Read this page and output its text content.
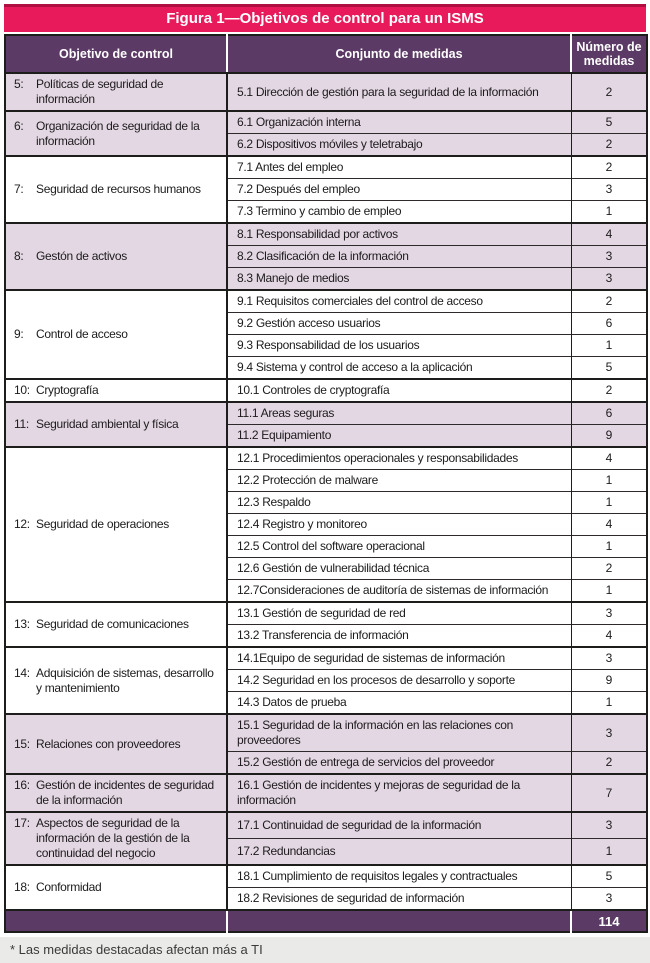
Figura 1—Objetivos de control para un ISMS
Objetivo de control	Conjunto de medidas	Número de medidas
5: Políticas de seguridad de información	5.1 Dirección de gestión para la seguridad de la información	2
6: Organización de seguridad de la información	6.1 Organización interna	5
	6.2 Dispositivos móviles y teletrabajo	2
7: Seguridad de recursos humanos	7.1 Antes del empleo	2
	7.2 Después del empleo	3
	7.3 Termino y cambio de empleo	1
8: Gestón de activos	8.1 Responsabilidad por activos	4
	8.2 Clasificación de la información	3
	8.3 Manejo de medios	3
9: Control de acceso	9.1 Requisitos comerciales del control de acceso	2
	9.2 Gestión acceso usuarios	6
	9.3 Responsabilidad de los usuarios	1
	9.4 Sistema y control de acceso a la aplicación	5
10: Cryptografía	10.1 Controles de cryptografía	2
11: Seguridad ambiental y física	11.1 Areas seguras	6
	11.2 Equipamiento	9
12: Seguridad de operaciones	12.1 Procedimientos operacionales y responsabilidades	4
	12.2 Protección de malware	1
	12.3 Respaldo	1
	12.4 Registro y monitoreo	4
	12.5 Control del software operacional	1
	12.6 Gestión de vulnerabilidad técnica	2
	12.7Consideraciones de auditoría de sistemas de información	1
13: Seguridad de comunicaciones	13.1 Gestión de seguridad de red	3
	13.2 Transferencia de información	4
14: Adquisición de sistemas, desarrollo y mantenimiento	14.1Equipo de seguridad de sistemas de información	3
	14.2 Seguridad en los procesos de desarrollo y soporte	9
	14.3 Datos de prueba	1
15: Relaciones con proveedores	15.1 Seguridad de la información en las relaciones con proveedores	3
	15.2 Gestión de entrega de servicios del proveedor	2
16: Gestión de incidentes de seguridad de la información	16.1 Gestión de incidentes y mejoras de seguridad de la información	7
17: Aspectos de seguridad de la información de la gestión de la continuidad del negocio	17.1 Continuidad de seguridad de la información	3
	17.2 Redundancias	1
18: Conformidad	18.1 Cumplimiento de requisitos legales y contractuales	5
	18.2 Revisiones de seguridad de información	3
		114
* Las medidas destacadas afectan más a TI
